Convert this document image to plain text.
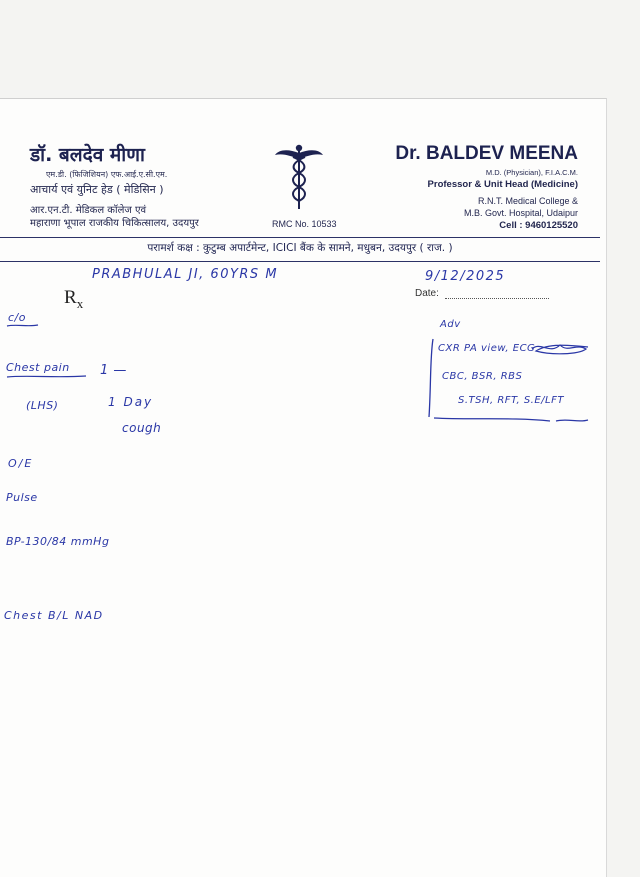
डॉ. बलदेव मीणा
एम.डी. (फिजिशियन) एफ.आई.ए.सी.एम.
आचार्य एवं युनिट हेड ( मेडिसिन )
आर.एन.टी. मेडिकल कॉलेज एवं
महाराणा भूपाल राजकीय चिकित्सालय, उदयपुर	RMC No. 10533
Dr. BALDEV MEENA
M.D. (Physician), F.I.A.C.M.
Professor & Unit Head (Medicine)
R.N.T. Medical College &
M.B. Govt. Hospital, Udaipur
Cell : 9460125520
परामर्श कक्ष : कुटुम्ब अपार्टमेन्ट, ICICI बैंक के सामने, मधुबन, उदयपुर ( राज. )
$R_x$
Date:
PRABHULAL JI, 60YRS M	9/12/2025
c/o
Chest pain 1 —
(LHS)	1 Day
cough
O/E
Pulse
BP-130/84 mmHg
Chest B/L NAD
Adv
CXR PA view, ECG
CBC, BSR, RBS
S.TSH, RFT, S.E/LFT
